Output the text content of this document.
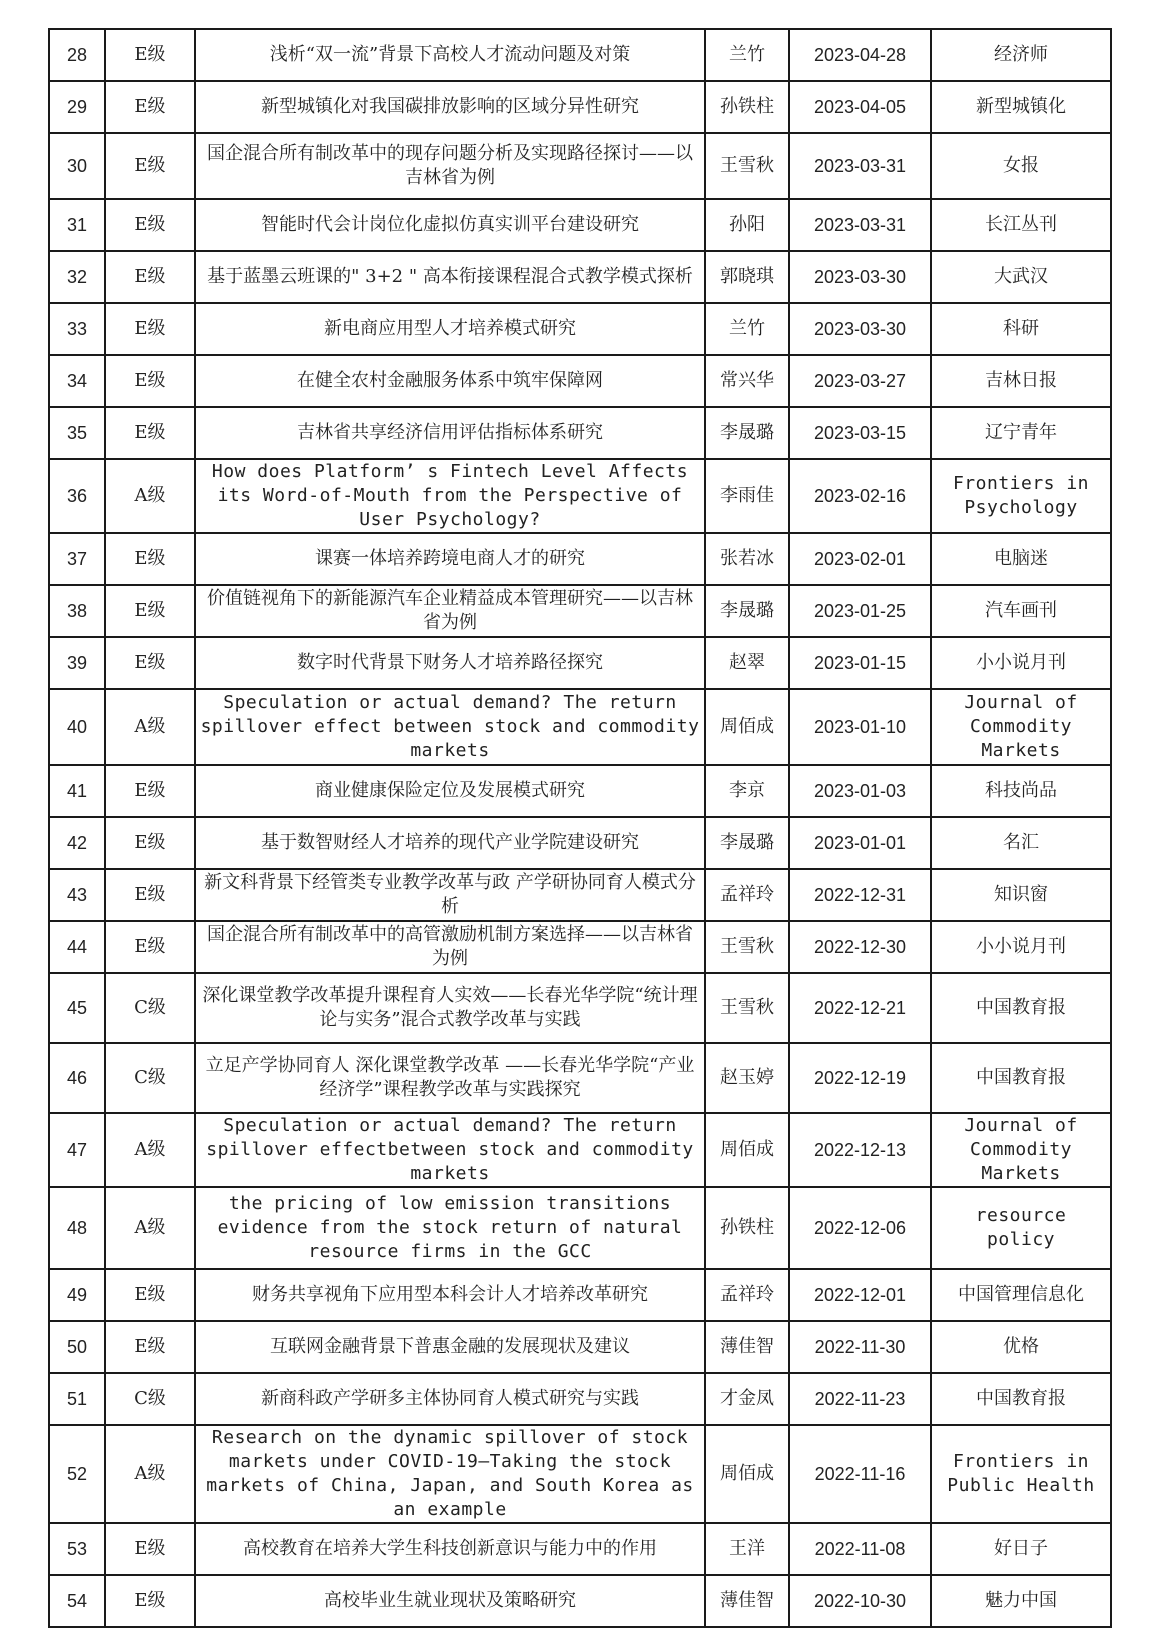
28	E级	浅析“双一流”背景下高校人才流动问题及对策	兰竹	2023-04-28	经济师
29	E级	新型城镇化对我国碳排放影响的区域分异性研究	孙铁柱	2023-04-05	新型城镇化
30	E级	国企混合所有制改革中的现存问题分析及实现路径探讨——以吉林省为例	王雪秋	2023-03-31	女报
31	E级	智能时代会计岗位化虚拟仿真实训平台建设研究	孙阳	2023-03-31	长江丛刊
32	E级	基于蓝墨云班课的" 3+2 " 高本衔接课程混合式教学模式探析	郭晓琪	2023-03-30	大武汉
33	E级	新电商应用型人才培养模式研究	兰竹	2023-03-30	科研
34	E级	在健全农村金融服务体系中筑牢保障网	常兴华	2023-03-27	吉林日报
35	E级	吉林省共享经济信用评估指标体系研究	李晟璐	2023-03-15	辽宁青年
36	A级	How does Platform’ s Fintech Level Affects its Word-of-Mouth from the Perspective of User Psychology?	李雨佳	2023-02-16	Frontiers in Psychology
37	E级	课赛一体培养跨境电商人才的研究	张若冰	2023-02-01	电脑迷
38	E级	价值链视角下的新能源汽车企业精益成本管理研究——以吉林省为例	李晟璐	2023-01-25	汽车画刊
39	E级	数字时代背景下财务人才培养路径探究	赵翠	2023-01-15	小小说月刊
40	A级	Speculation or actual demand? The return spillover effect between stock and commodity markets	周佰成	2023-01-10	Journal of Commodity Markets
41	E级	商业健康保险定位及发展模式研究	李京	2023-01-03	科技尚品
42	E级	基于数智财经人才培养的现代产业学院建设研究	李晟璐	2023-01-01	名汇
43	E级	新文科背景下经管类专业教学改革与政 产学研协同育人模式分析	孟祥玲	2022-12-31	知识窗
44	E级	国企混合所有制改革中的高管激励机制方案选择——以吉林省为例	王雪秋	2022-12-30	小小说月刊
45	C级	深化课堂教学改革提升课程育人实效——长春光华学院“统计理论与实务”混合式教学改革与实践	王雪秋	2022-12-21	中国教育报
46	C级	立足产学协同育人 深化课堂教学改革 ——长春光华学院“产业经济学”课程教学改革与实践探究	赵玉婷	2022-12-19	中国教育报
47	A级	Speculation or actual demand? The return spillover effectbetween stock and commodity markets	周佰成	2022-12-13	Journal of Commodity Markets
48	A级	the pricing of low emission transitions evidence from the stock return of natural resource firms in the GCC	孙铁柱	2022-12-06	resource policy
49	E级	财务共享视角下应用型本科会计人才培养改革研究	孟祥玲	2022-12-01	中国管理信息化
50	E级	互联网金融背景下普惠金融的发展现状及建议	薄佳智	2022-11-30	优格
51	C级	新商科政产学研多主体协同育人模式研究与实践	才金凤	2022-11-23	中国教育报
52	A级	Research on the dynamic spillover of stock markets under COVID-19—Taking the stock markets of China, Japan, and South Korea as an example	周佰成	2022-11-16	Frontiers in Public Health
53	E级	高校教育在培养大学生科技创新意识与能力中的作用	王洋	2022-11-08	好日子
54	E级	高校毕业生就业现状及策略研究	薄佳智	2022-10-30	魅力中国
